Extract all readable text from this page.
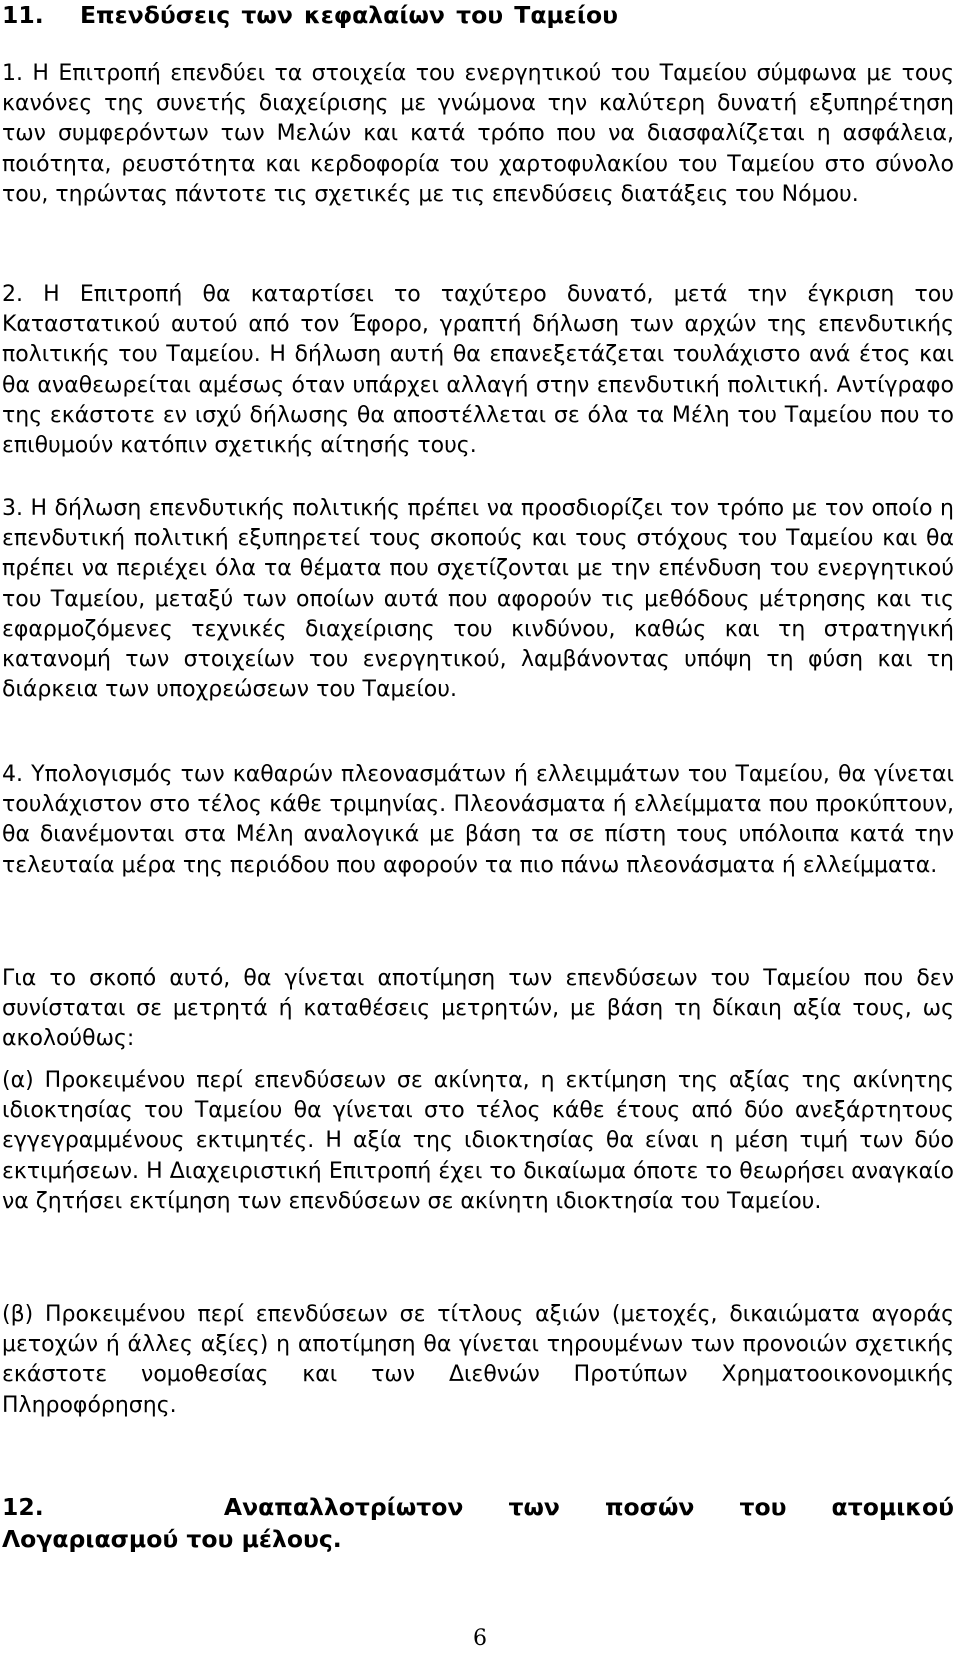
11. Επενδύσεις των κεφαλαίων του Ταμείου

1. Η Επιτροπή επενδύει τα στοιχεία του ενεργητικού του Ταμείου σύμφωνα με τους κανόνες της συνετής διαχείρισης με γνώμονα την καλύτερη δυνατή εξυπηρέτηση των συμφερόντων των Μελών και κατά τρόπο που να διασφαλίζεται η ασφάλεια, ποιότητα, ρευστότητα και κερδοφορία του χαρτοφυλακίου του Ταμείου στο σύνολο του, τηρώντας πάντοτε τις σχετικές με τις επενδύσεις διατάξεις του Νόμου.

2. Η Επιτροπή θα καταρτίσει το ταχύτερο δυνατό, μετά την έγκριση του Καταστατικού αυτού από τον Έφορο, γραπτή δήλωση των αρχών της επενδυτικής πολιτικής του Ταμείου. Η δήλωση αυτή θα επανεξετάζεται τουλάχιστο ανά έτος και θα αναθεωρείται αμέσως όταν υπάρχει αλλαγή στην επενδυτική πολιτική. Αντίγραφο της εκάστοτε εν ισχύ δήλωσης θα αποστέλλεται σε όλα τα Μέλη του Ταμείου που το επιθυμούν κατόπιν σχετικής αίτησής τους.

3. Η δήλωση επενδυτικής πολιτικής πρέπει να προσδιορίζει τον τρόπο με τον οποίο η επενδυτική πολιτική εξυπηρετεί τους σκοπούς και τους στόχους του Ταμείου και θα πρέπει να περιέχει όλα τα θέματα που σχετίζονται με την επένδυση του ενεργητικού του Ταμείου, μεταξύ των οποίων αυτά που αφορούν τις μεθόδους μέτρησης και τις εφαρμοζόμενες τεχνικές διαχείρισης του κινδύνου, καθώς και τη στρατηγική κατανομή των στοιχείων του ενεργητικού, λαμβάνοντας υπόψη τη φύση και τη διάρκεια των υποχρεώσεων του Ταμείου.

4. Υπολογισμός των καθαρών πλεονασμάτων ή ελλειμμάτων του Ταμείου, θα γίνεται τουλάχιστον στο τέλος κάθε τριμηνίας. Πλεονάσματα ή ελλείμματα που προκύπτουν, θα διανέμονται στα Μέλη αναλογικά με βάση τα σε πίστη τους υπόλοιπα κατά την τελευταία μέρα της περιόδου που αφορούν τα πιο πάνω πλεονάσματα ή ελλείμματα.

Για το σκοπό αυτό, θα γίνεται αποτίμηση των επενδύσεων του Ταμείου που δεν συνίσταται σε μετρητά ή καταθέσεις μετρητών, με βάση τη δίκαιη αξία τους, ως ακολούθως:

(α) Προκειμένου περί επενδύσεων σε ακίνητα, η εκτίμηση της αξίας της ακίνητης ιδιοκτησίας του Ταμείου θα γίνεται στο τέλος κάθε έτους από δύο ανεξάρτητους εγγεγραμμένους εκτιμητές. Η αξία της ιδιοκτησίας θα είναι η μέση τιμή των δύο εκτιμήσεων. Η Διαχειριστική Επιτροπή έχει το δικαίωμα όποτε το θεωρήσει αναγκαίο να ζητήσει εκτίμηση των επενδύσεων σε ακίνητη ιδιοκτησία του Ταμείου.

(β) Προκειμένου περί επενδύσεων σε τίτλους αξιών (μετοχές, δικαιώματα αγοράς μετοχών ή άλλες αξίες) η αποτίμηση θα γίνεται τηρουμένων των προνοιών σχετικής εκάστοτε νομοθεσίας και των Διεθνών Προτύπων Χρηματοοικονομικής Πληροφόρησης.

12.	Αναπαλλοτρίωτον των ποσών του ατομικού
Λογαριασμού του μέλους.
6
